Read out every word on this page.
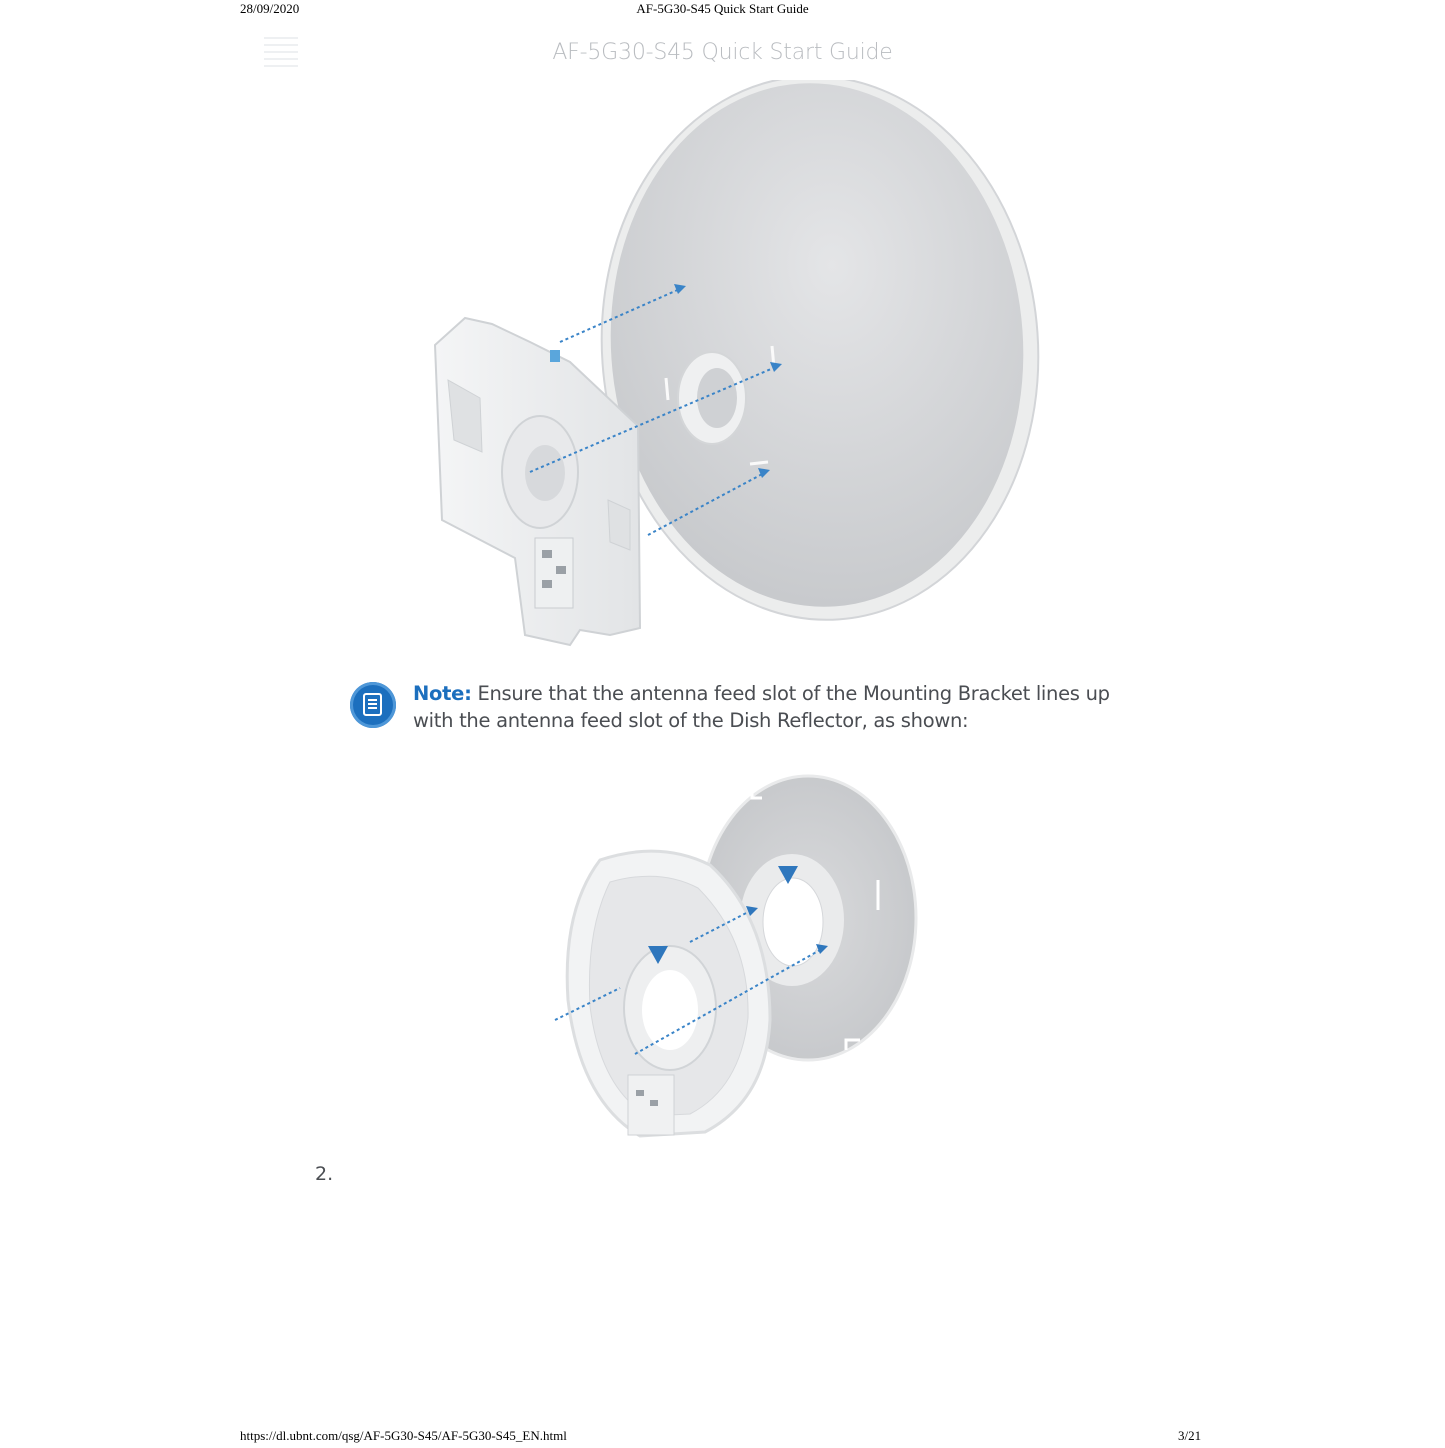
28/09/2020	AF-5G30-S45 Quick Start Guide
AF-5G30-S45 Quick Start Guide
Note: Ensure that the antenna feed slot of the Mounting Bracket lines up with the antenna feed slot of the Dish Reflector, as shown:
2.
https://dl.ubnt.com/qsg/AF-5G30-S45/AF-5G30-S45_EN.html	3/21
